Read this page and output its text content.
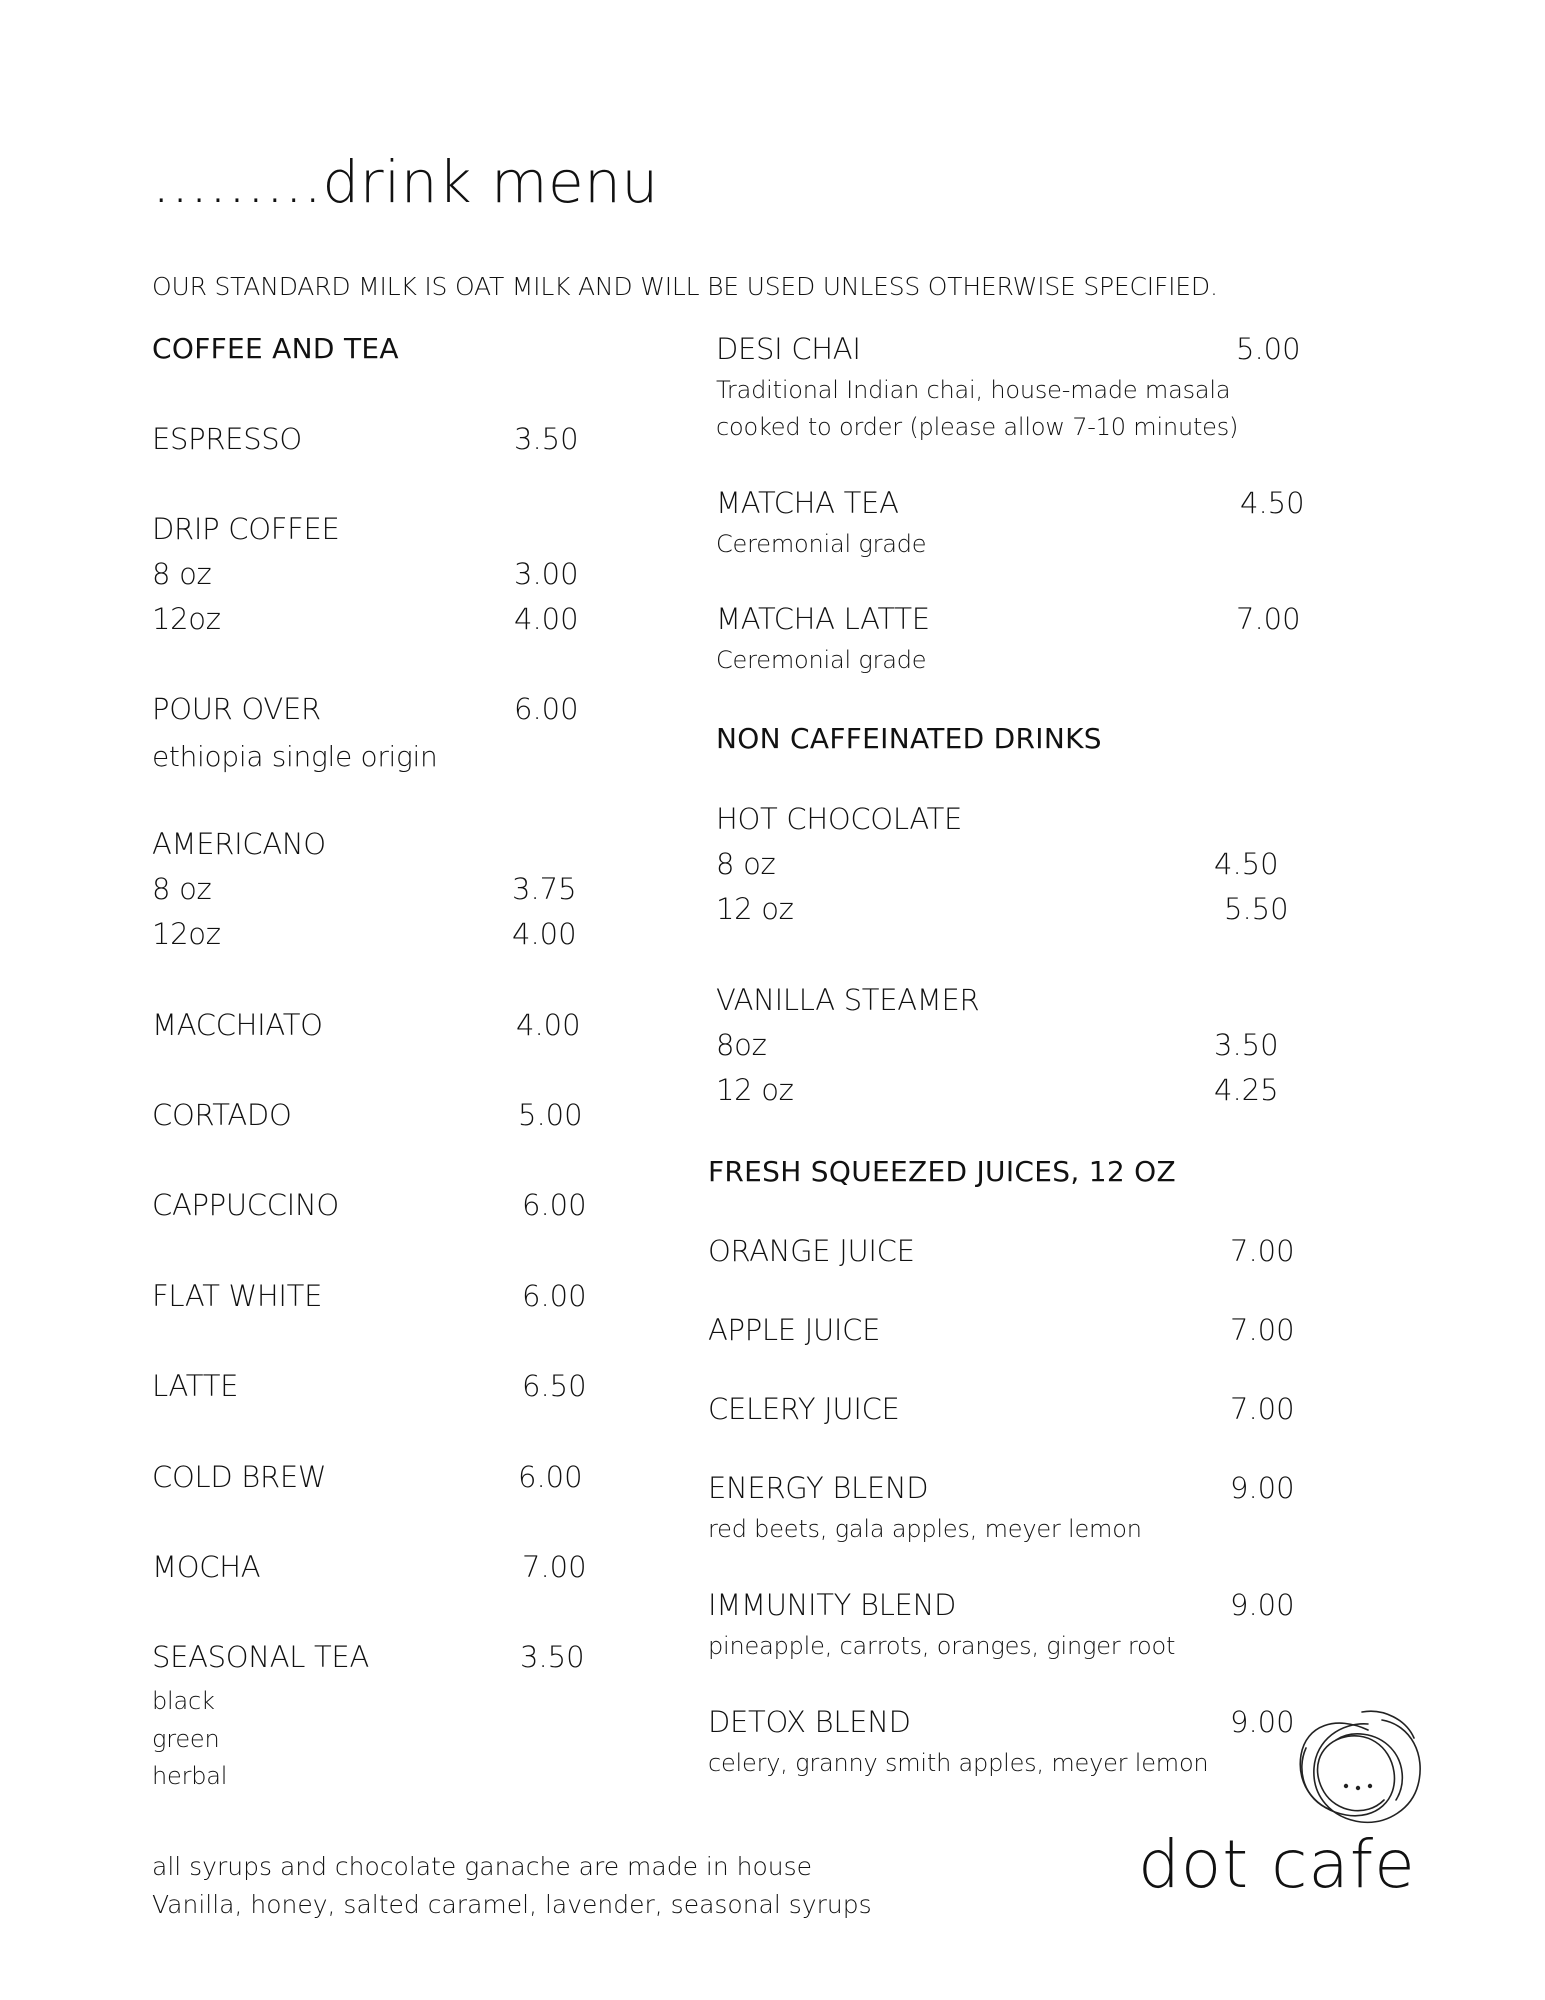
.........drink menu
OUR STANDARD MILK IS OAT MILK AND WILL BE USED UNLESS OTHERWISE SPECIFIED.
COFFEE AND TEA
ESPRESSO	3.50
DRIP COFFEE
8 oz	3.00
12oz	4.00
POUR OVER	6.00
ethiopia single origin
AMERICANO
8 oz	3.75
12oz	4.00
MACCHIATO	4.00
CORTADO	5.00
CAPPUCCINO	6.00
FLAT WHITE	6.00
LATTE	6.50
COLD BREW	6.00
MOCHA	7.00
SEASONAL TEA	3.50
black
green
herbal
DESI CHAI	5.00
Traditional Indian chai, house-made masala
cooked to order (please allow 7-10 minutes)
MATCHA TEA	4.50
Ceremonial grade
MATCHA LATTE	7.00
Ceremonial grade
NON CAFFEINATED DRINKS
HOT CHOCOLATE
8 oz	4.50
12 oz	5.50
VANILLA STEAMER
8oz	3.50
12 oz	4.25
FRESH SQUEEZED JUICES, 12 OZ
ORANGE JUICE	7.00
APPLE JUICE	7.00
CELERY JUICE	7.00
ENERGY BLEND	9.00
red beets, gala apples, meyer lemon
IMMUNITY BLEND	9.00
pineapple, carrots, oranges, ginger root
DETOX BLEND	9.00
celery, granny smith apples, meyer lemon
all syrups and chocolate ganache are made in house
Vanilla, honey, salted caramel, lavender, seasonal syrups
dot cafe
